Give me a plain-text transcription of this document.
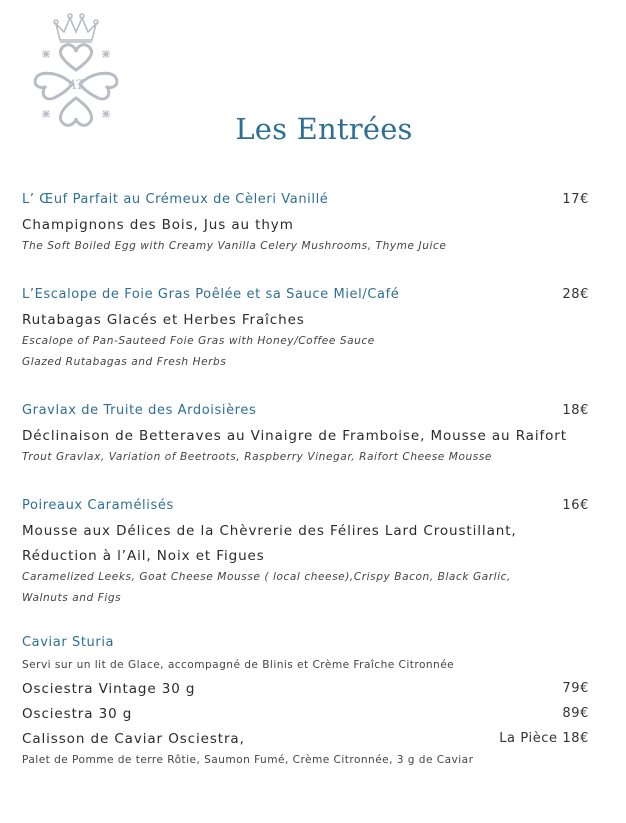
AT
Les Entrées
L’ Œuf Parfait au Crémeux de Cèleri Vanillé	17€
Champignons des Bois, Jus au thym
The Soft Boiled Egg with Creamy Vanilla Celery Mushrooms, Thyme Juice
L’Escalope de Foie Gras Poêlée et sa Sauce Miel/Café	28€
Rutabagas Glacés et Herbes Fraîches
Escalope of Pan-Sauteed Foie Gras with Honey/Coffee Sauce
Glazed Rutabagas and Fresh Herbs
Gravlax de Truite des Ardoisières	18€
Déclinaison de Betteraves au Vinaigre de Framboise, Mousse au Raifort
Trout Gravlax, Variation of Beetroots, Raspberry Vinegar, Raifort Cheese Mousse
Poireaux Caramélisés	16€
Mousse aux Délices de la Chèvrerie des Félires Lard Croustillant,
Réduction à l’Ail, Noix et Figues
Caramelized Leeks, Goat Cheese Mousse ( local cheese),Crispy Bacon, Black Garlic,
Walnuts and Figs
Caviar Sturia
Servi sur un lit de Glace, accompagné de Blinis et Crème Fraîche Citronnée
Osciestra Vintage 30 g	79€
Osciestra 30 g	89€
Calisson de Caviar Osciestra,	La Pièce 18€
Palet de Pomme de terre Rôtie, Saumon Fumé, Crème Citronnée, 3 g de Caviar
